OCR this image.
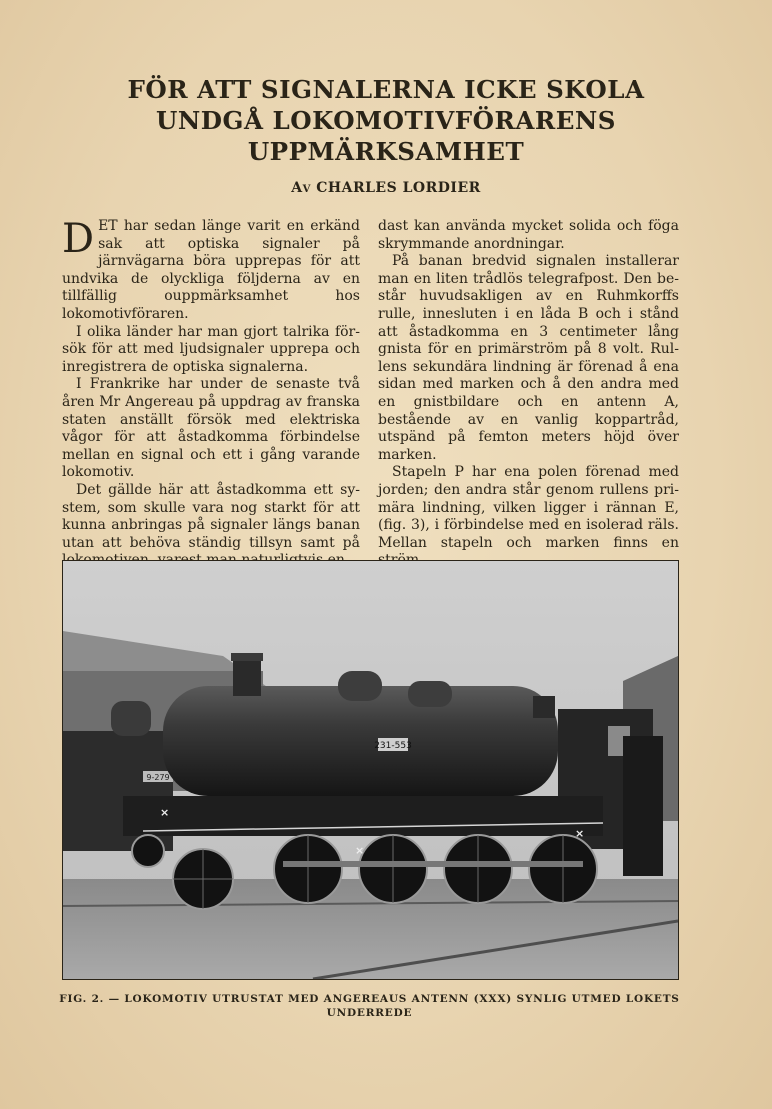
FÖR ATT SIGNALERNA ICKE SKOLA
UNDGÅ LOKOMOTIVFÖRARENS
UPPMÄRKSAMHET
Av CHARLES LORDIER

DET har sedan länge varit en erkänd sak att optiska signaler på järnvägarna böra upprepas för att undvika de olyckliga följderna av en tillfällig ouppmärksamhet hos lokomotivföraren.

I olika länder har man gjort talrika försök för att med ljudsignaler upprepa och inregistrera de optiska signalerna.

I Frankrike har under de senaste två åren Mr Angereau på uppdrag av franska staten anställt försök med elektriska vågor för att åstadkomma förbindelse mellan en signal och ett i gång varande lokomotiv.

Det gällde här att åstadkomma ett system, som skulle vara nog starkt för att kunna anbringas på signaler längs banan utan att behöva ständig tillsyn samt på

dast kan använda mycket solida och föga skrymmande anordningar.

På banan bredvid signalen installerar man en liten trådlös telegrafpost. Den består huvudsakligen av en Ruhmkorffs rulle, innesluten i en låda B och i stånd att åstadkomma en 3 centimeter lång gnista för en primärström på 8 volt. Rullens sekundära lindning är förenad å ena sidan med marken och å den andra med en gnistbildare och en antenn A, bestående av en vanlig koppartråd, utspänd på femton meters höjd över marken.

Stapeln P har ena polen förenad med jorden; den andra står genom rullens primära lindning, vilken ligger i rännan E, (fig. 3), i förbindelse med en isolerad räls. Mellan stapeln och marken finns en

9-279
231-553
×
×
×
FIG. 2. — LOKOMOTIV UTRUSTAT MED ANGEREAUS ANTENN (XXX) SYNLIG UTMED LOKETS UNDERREDE
